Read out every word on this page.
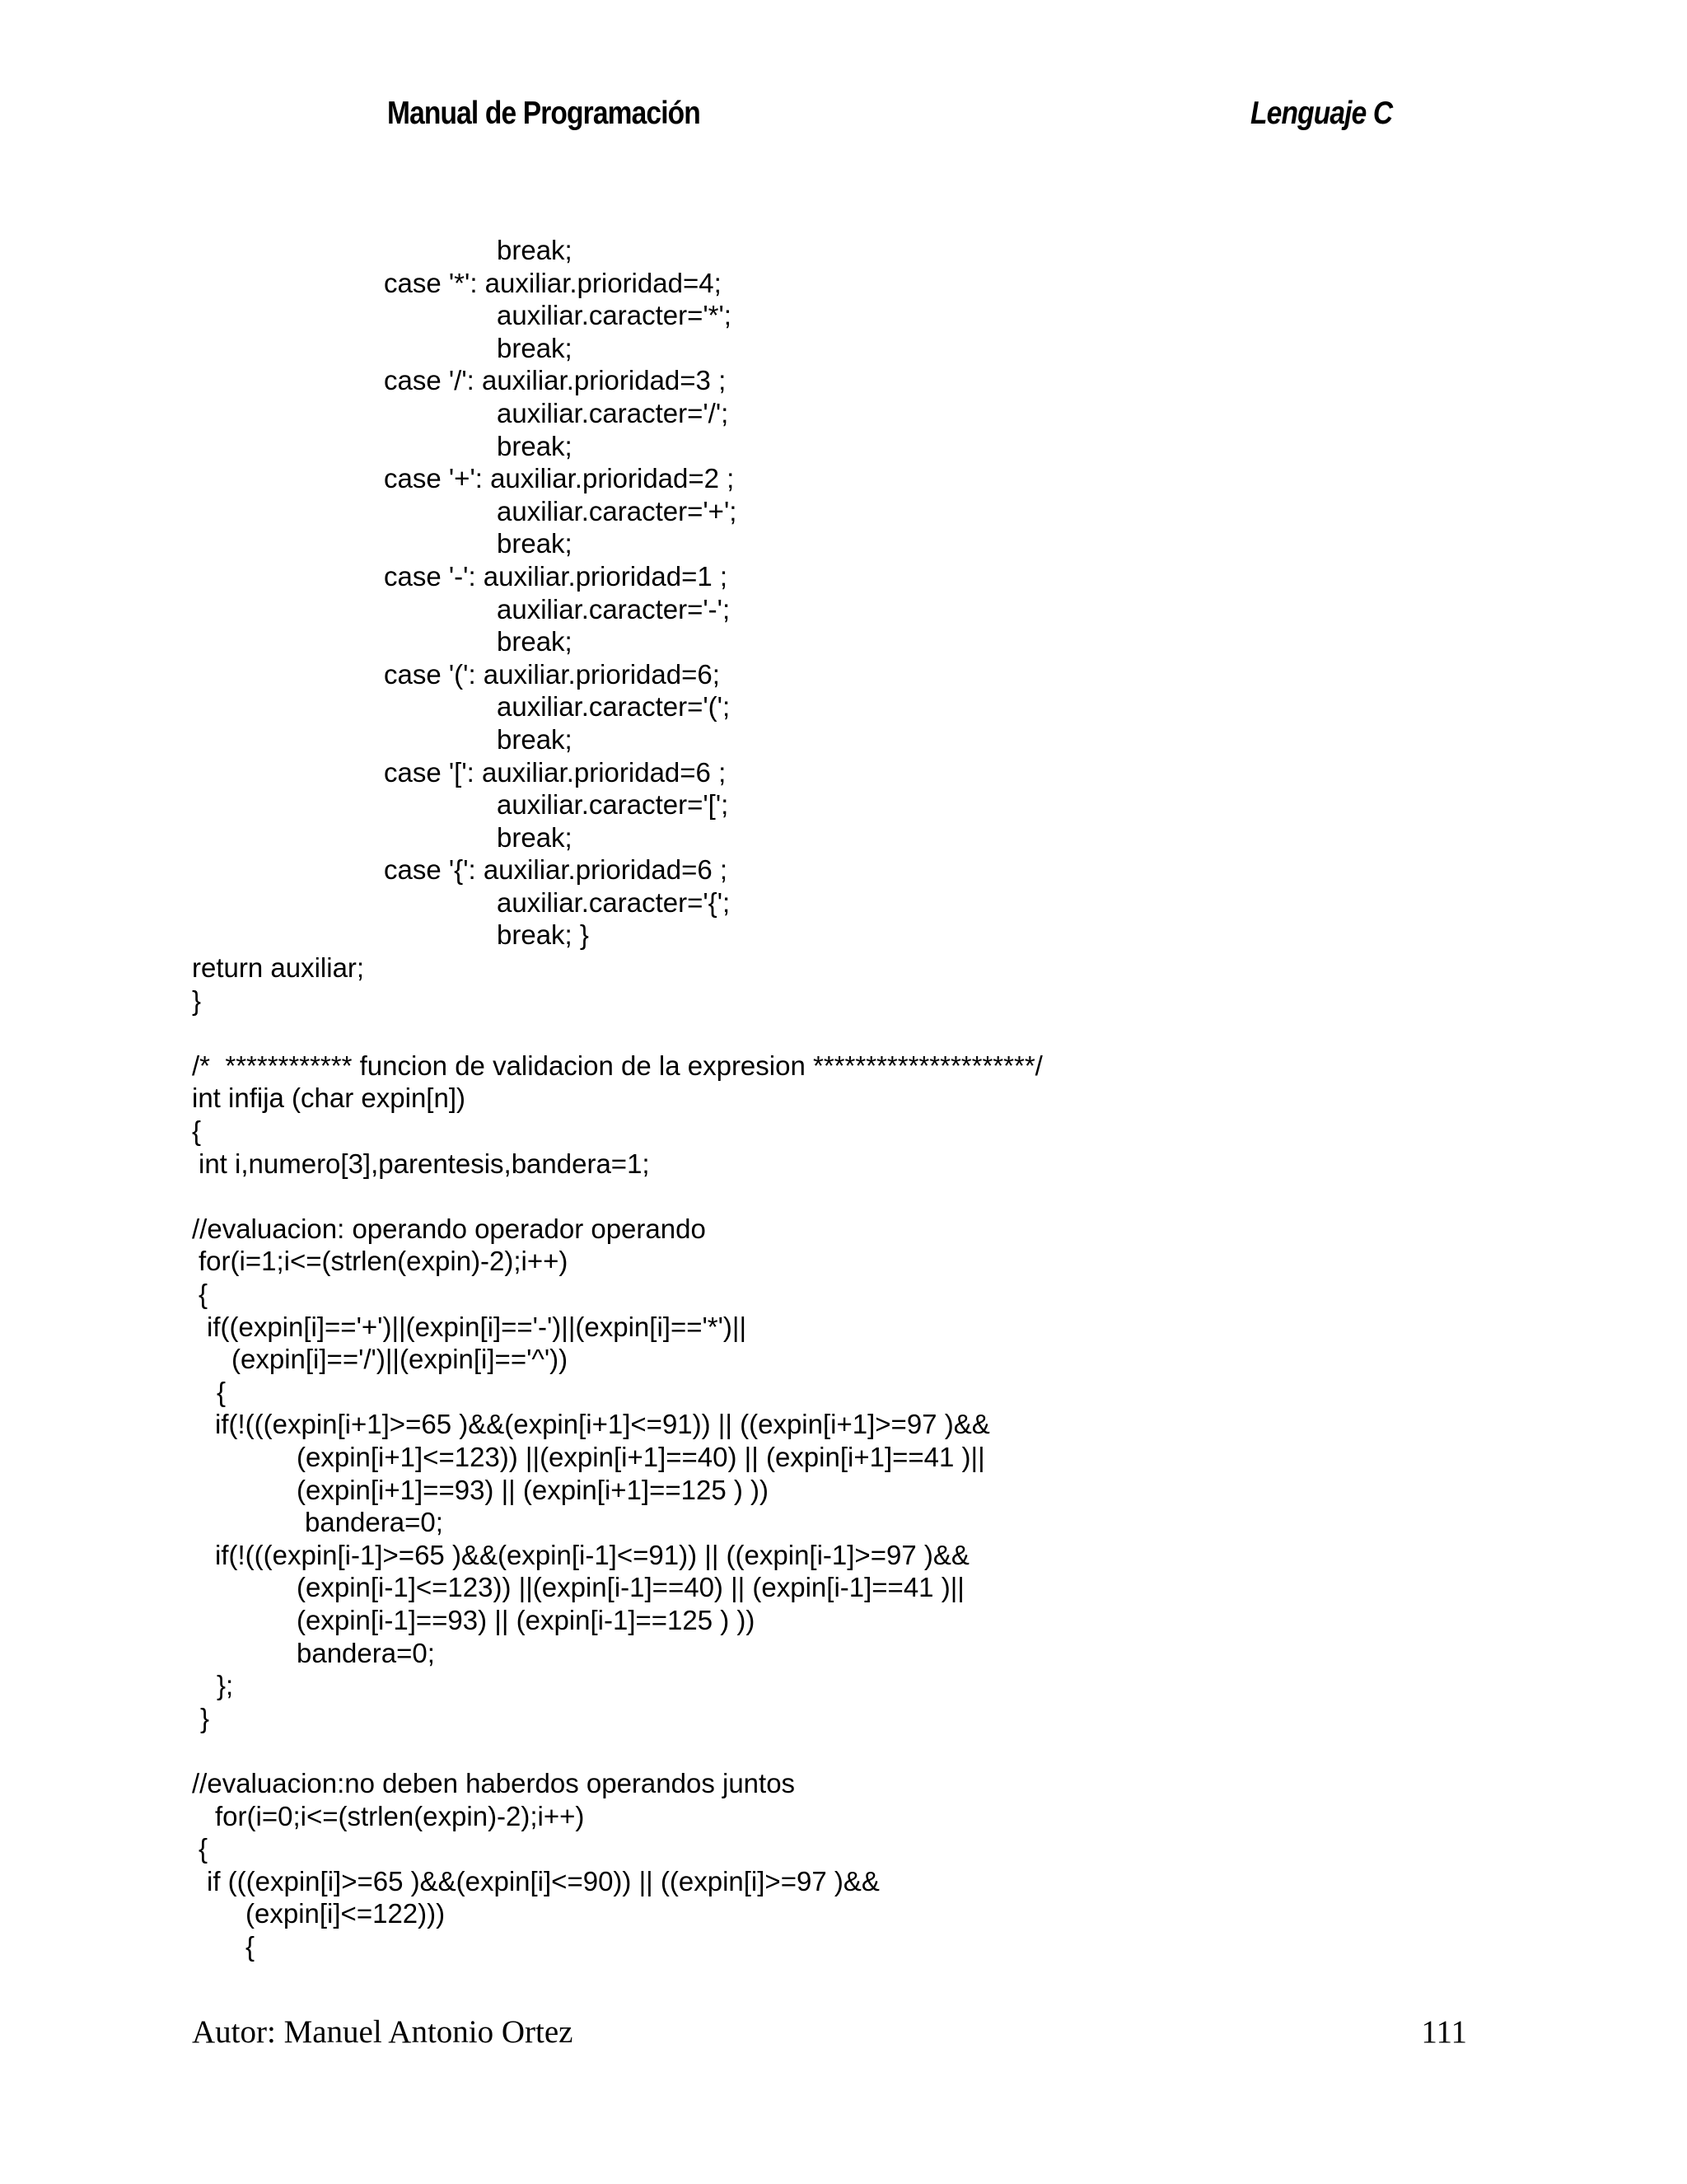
Manual de Programación	Lenguaje C
break;
case '*': auxiliar.prioridad=4;
auxiliar.caracter='*';
break;
case '/': auxiliar.prioridad=3 ;
auxiliar.caracter='/';
break;
case '+': auxiliar.prioridad=2 ;
auxiliar.caracter='+';
break;
case '-': auxiliar.prioridad=1 ;
auxiliar.caracter='-';
break;
case '(': auxiliar.prioridad=6;
auxiliar.caracter='(';
break;
case '[': auxiliar.prioridad=6 ;
auxiliar.caracter='[';
break;
case '{': auxiliar.prioridad=6 ;
auxiliar.caracter='{';
break; }
return auxiliar;
}
/*  ************ funcion de validacion de la expresion *********************/
int infija (char expin[n])
{
int i,numero[3],parentesis,bandera=1;
//evaluacion: operando operador operando
for(i=1;i<=(strlen(expin)-2);i++)
{
if((expin[i]=='+')||(expin[i]=='-')||(expin[i]=='*')||
(expin[i]=='/')||(expin[i]=='^'))
{
if(!(((expin[i+1]>=65 )&&(expin[i+1]<=91)) || ((expin[i+1]>=97 )&&
(expin[i+1]<=123)) ||(expin[i+1]==40) || (expin[i+1]==41 )||
(expin[i+1]==93) || (expin[i+1]==125 ) ))
bandera=0;
if(!(((expin[i-1]>=65 )&&(expin[i-1]<=91)) || ((expin[i-1]>=97 )&&
(expin[i-1]<=123)) ||(expin[i-1]==40) || (expin[i-1]==41 )||
(expin[i-1]==93) || (expin[i-1]==125 ) ))
bandera=0;
};
}
//evaluacion:no deben haberdos operandos juntos
for(i=0;i<=(strlen(expin)-2);i++)
{
if (((expin[i]>=65 )&&(expin[i]<=90)) || ((expin[i]>=97 )&&
(expin[i]<=122)))
{
Autor: Manuel Antonio Ortez	111
